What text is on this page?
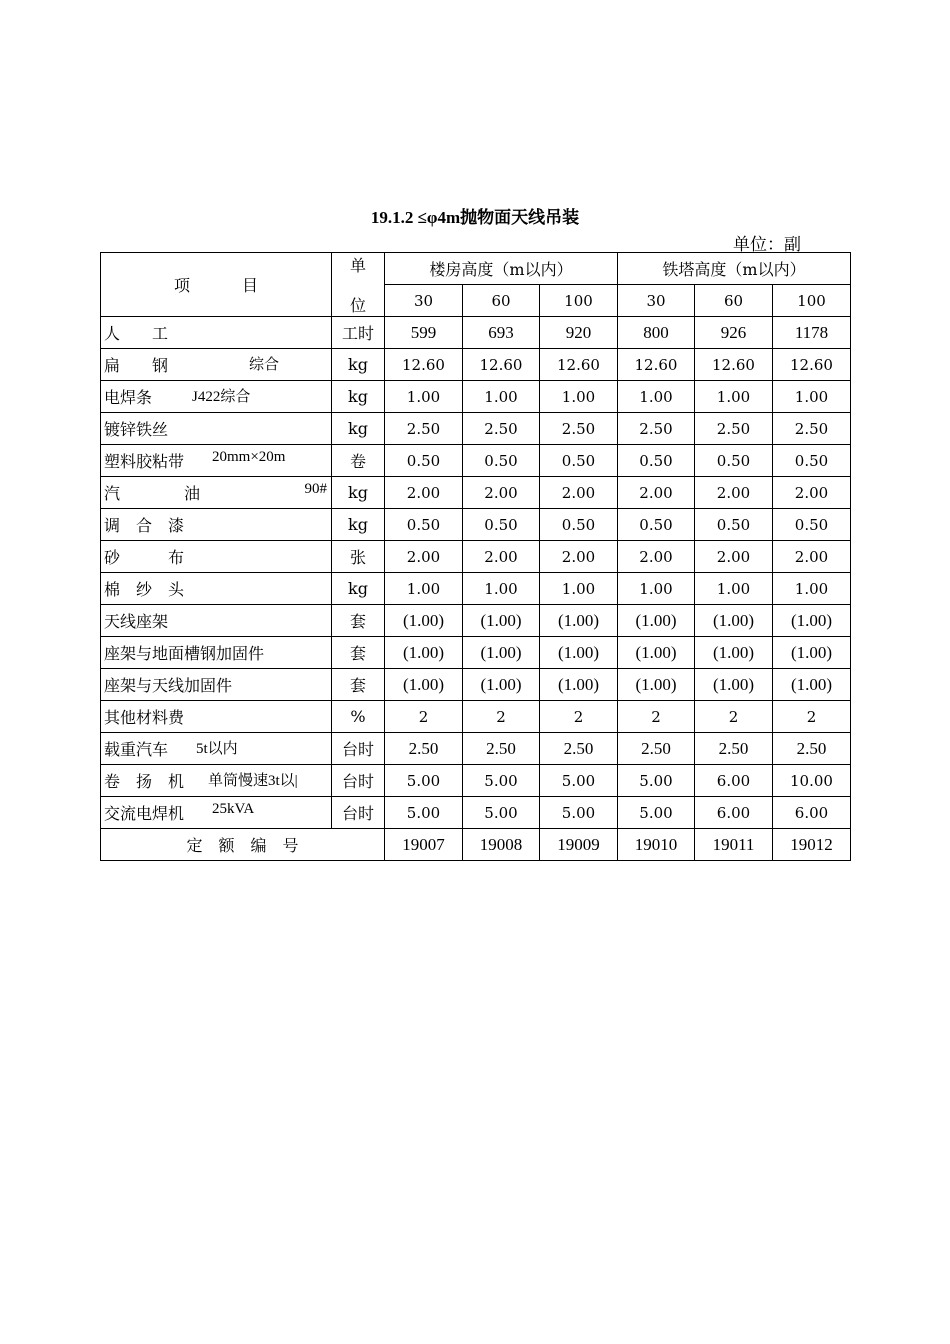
19.1.2 ≤φ4m抛物面天线吊装
单位：副
项 目	单	楼房高度（m以内）			铁塔高度（m以内）		
	位	30	60	100	30	60	100
人　　工	工时	599	693	920	800	926	1178

扁　　钢 综合	kg	12.60	12.60	12.60	12.60	12.60	12.60

电焊条 J422综合	kg	1.00	1.00	1.00	1.00	1.00	1.00
镀锌铁丝	kg	2.50	2.50	2.50	2.50	2.50	2.50

塑料胶粘带 20mm×20m	卷	0.50	0.50	0.50	0.50	0.50	0.50

汽　　　　油 90#	kg	2.00	2.00	2.00	2.00	2.00	2.00
调　合　漆	kg	0.50	0.50	0.50	0.50	0.50	0.50
砂　　　布	张	2.00	2.00	2.00	2.00	2.00	2.00
棉　纱　头	kg	1.00	1.00	1.00	1.00	1.00	1.00
天线座架	套	(1.00)	(1.00)	(1.00)	(1.00)	(1.00)	(1.00)
座架与地面槽钢加固件	套	(1.00)	(1.00)	(1.00)	(1.00)	(1.00)	(1.00)
座架与天线加固件	套	(1.00)	(1.00)	(1.00)	(1.00)	(1.00)	(1.00)
其他材料费	%	2	2	2	2	2	2

载重汽车 5t以内	台时	2.50	2.50	2.50	2.50	2.50	2.50

卷　扬　机 单筒慢速3t以|	台时	5.00	5.00	5.00	5.00	6.00	10.00

交流电焊机 25kVA	台时	5.00	5.00	5.00	5.00	6.00	6.00
定　额　编　号		19007	19008	19009	19010	19011	19012
